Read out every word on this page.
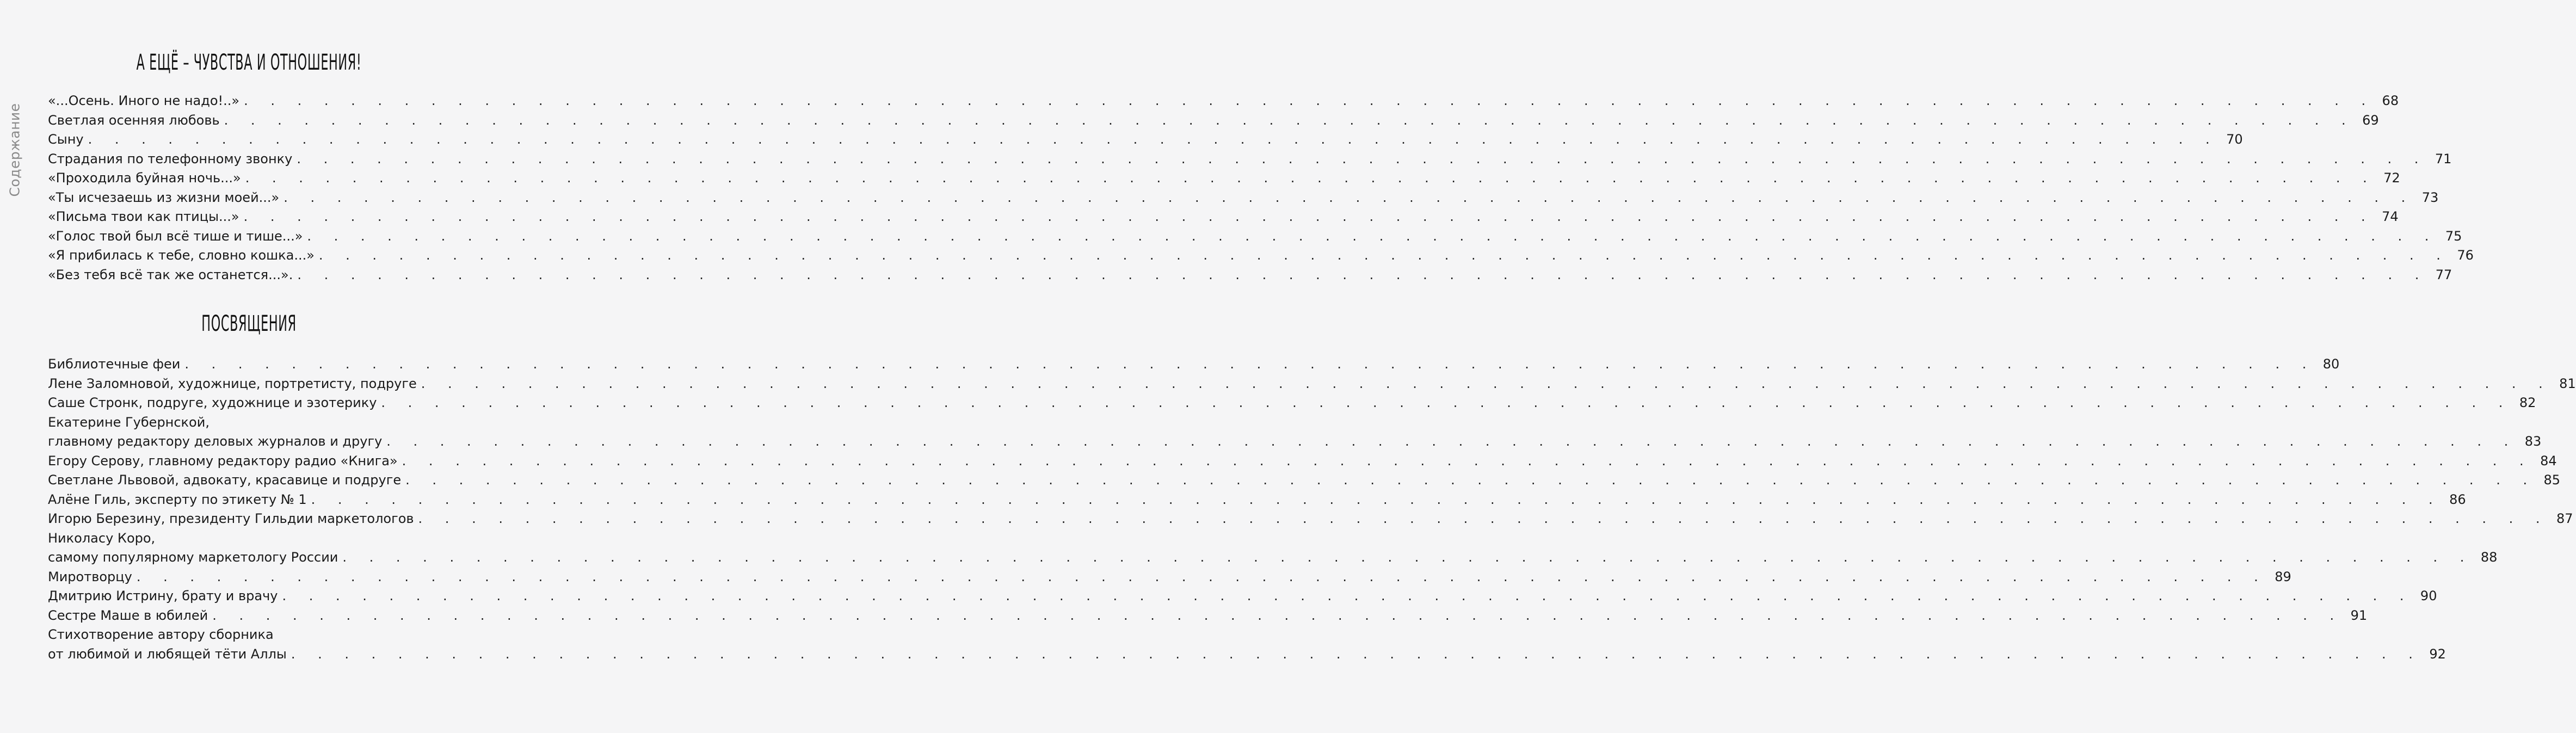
Содержание
А ЕЩЁ – ЧУВСТВА И ОТНОШЕНИЯ!
«...Осень. Иного не надо!..» . . . . . . . . . . . . . . . . . . . . . . . . . . . . . . . . . . . . . . . . . . . . . . . . . . . . . . . . . . . . . . . . . . . . . . . . . . . . . . . . 68
Светлая осенняя любовь . . . . . . . . . . . . . . . . . . . . . . . . . . . . . . . . . . . . . . . . . . . . . . . . . . . . . . . . . . . . . . . . . . . . . . . . . . . . . . . . 69
Сыну . . . . . . . . . . . . . . . . . . . . . . . . . . . . . . . . . . . . . . . . . . . . . . . . . . . . . . . . . . . . . . . . . . . . . . . . . . . . . . . . 70
Страдания по телефонному звонку . . . . . . . . . . . . . . . . . . . . . . . . . . . . . . . . . . . . . . . . . . . . . . . . . . . . . . . . . . . . . . . . . . . . . . . . . . . . . . . . 71
«Проходила буйная ночь...» . . . . . . . . . . . . . . . . . . . . . . . . . . . . . . . . . . . . . . . . . . . . . . . . . . . . . . . . . . . . . . . . . . . . . . . . . . . . . . . . 72
«Ты исчезаешь из жизни моей...» . . . . . . . . . . . . . . . . . . . . . . . . . . . . . . . . . . . . . . . . . . . . . . . . . . . . . . . . . . . . . . . . . . . . . . . . . . . . . . . . 73
«Письма твои как птицы...» . . . . . . . . . . . . . . . . . . . . . . . . . . . . . . . . . . . . . . . . . . . . . . . . . . . . . . . . . . . . . . . . . . . . . . . . . . . . . . . . 74
«Голос твой был всё тише и тише...» . . . . . . . . . . . . . . . . . . . . . . . . . . . . . . . . . . . . . . . . . . . . . . . . . . . . . . . . . . . . . . . . . . . . . . . . . . . . . . . . 75
«Я прибилась к тебе, словно кошка...» . . . . . . . . . . . . . . . . . . . . . . . . . . . . . . . . . . . . . . . . . . . . . . . . . . . . . . . . . . . . . . . . . . . . . . . . . . . . . . . . 76
«Без тебя всё так же останется...». . . . . . . . . . . . . . . . . . . . . . . . . . . . . . . . . . . . . . . . . . . . . . . . . . . . . . . . . . . . . . . . . . . . . . . . . . . . . . . . . 77
ПОСВЯЩЕНИЯ
Библиотечные феи . . . . . . . . . . . . . . . . . . . . . . . . . . . . . . . . . . . . . . . . . . . . . . . . . . . . . . . . . . . . . . . . . . . . . . . . . . . . . . . . 80
Лене Заломновой, художнице, портретисту, подруге . . . . . . . . . . . . . . . . . . . . . . . . . . . . . . . . . . . . . . . . . . . . . . . . . . . . . . . . . . . . . . . . . . . . . . . . . . . . . . . . 81
Саше Стронк, подруге, художнице и эзотерику . . . . . . . . . . . . . . . . . . . . . . . . . . . . . . . . . . . . . . . . . . . . . . . . . . . . . . . . . . . . . . . . . . . . . . . . . . . . . . . . 82
Екатерине Губернской,
главному редактору деловых журналов и другу . . . . . . . . . . . . . . . . . . . . . . . . . . . . . . . . . . . . . . . . . . . . . . . . . . . . . . . . . . . . . . . . . . . . . . . . . . . . . . . . 83
Егору Серову, главному редактору радио «Книга» . . . . . . . . . . . . . . . . . . . . . . . . . . . . . . . . . . . . . . . . . . . . . . . . . . . . . . . . . . . . . . . . . . . . . . . . . . . . . . . . 84
Светлане Львовой, адвокату, красавице и подруге . . . . . . . . . . . . . . . . . . . . . . . . . . . . . . . . . . . . . . . . . . . . . . . . . . . . . . . . . . . . . . . . . . . . . . . . . . . . . . . . 85
Алёне Гиль, эксперту по этикету № 1 . . . . . . . . . . . . . . . . . . . . . . . . . . . . . . . . . . . . . . . . . . . . . . . . . . . . . . . . . . . . . . . . . . . . . . . . . . . . . . . . 86
Игорю Березину, президенту Гильдии маркетологов . . . . . . . . . . . . . . . . . . . . . . . . . . . . . . . . . . . . . . . . . . . . . . . . . . . . . . . . . . . . . . . . . . . . . . . . . . . . . . . . 87
Николасу Коро,
самому популярному маркетологу России . . . . . . . . . . . . . . . . . . . . . . . . . . . . . . . . . . . . . . . . . . . . . . . . . . . . . . . . . . . . . . . . . . . . . . . . . . . . . . . . 88
Миротворцу . . . . . . . . . . . . . . . . . . . . . . . . . . . . . . . . . . . . . . . . . . . . . . . . . . . . . . . . . . . . . . . . . . . . . . . . . . . . . . . . 89
Дмитрию Истрину, брату и врачу . . . . . . . . . . . . . . . . . . . . . . . . . . . . . . . . . . . . . . . . . . . . . . . . . . . . . . . . . . . . . . . . . . . . . . . . . . . . . . . . 90
Сестре Маше в юбилей . . . . . . . . . . . . . . . . . . . . . . . . . . . . . . . . . . . . . . . . . . . . . . . . . . . . . . . . . . . . . . . . . . . . . . . . . . . . . . . . 91
Стихотворение автору сборника
от любимой и любящей тёти Аллы . . . . . . . . . . . . . . . . . . . . . . . . . . . . . . . . . . . . . . . . . . . . . . . . . . . . . . . . . . . . . . . . . . . . . . . . . . . . . . . . 92
